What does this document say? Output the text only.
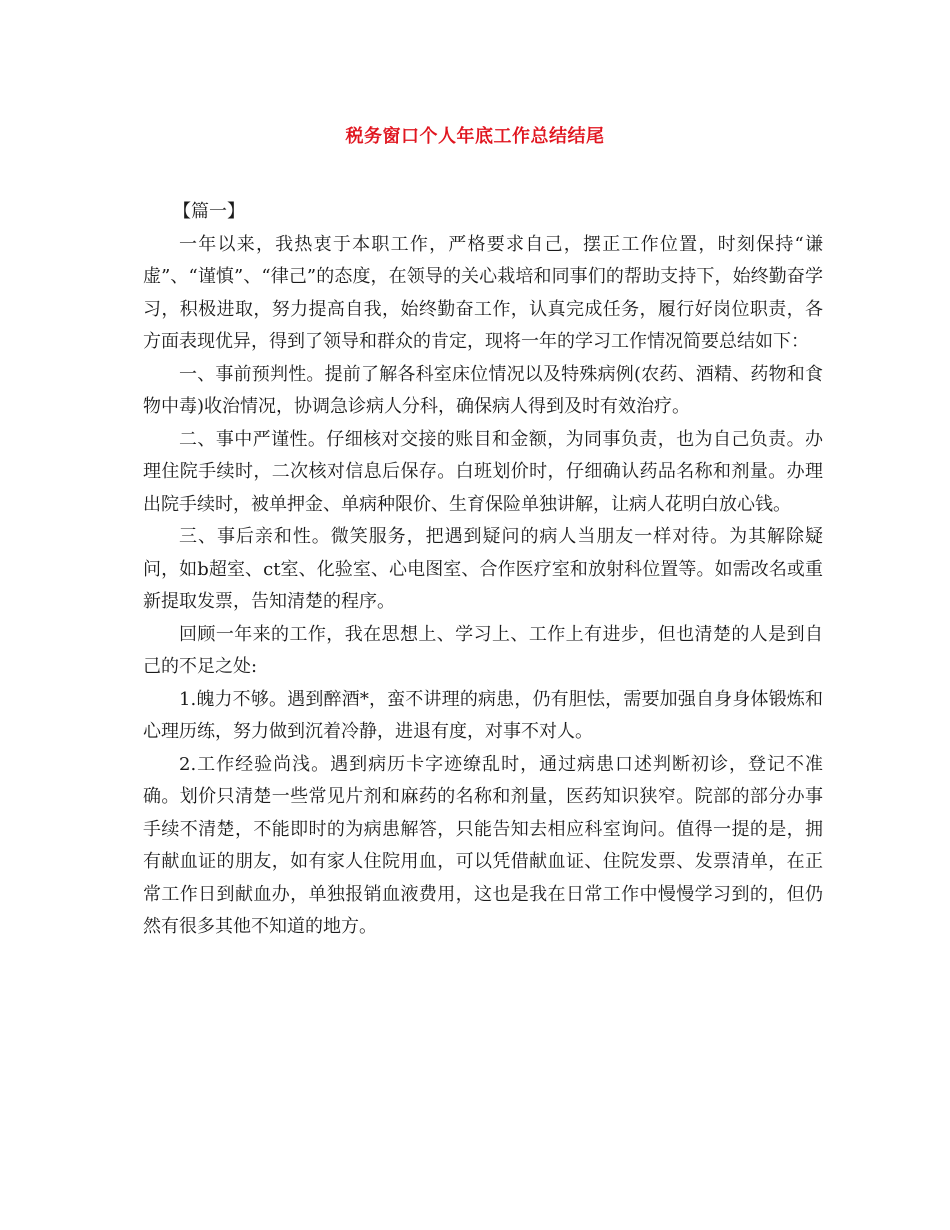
税务窗口个人年底工作总结结尾

【篇一】

一年以来，我热衷于本职工作，严格要求自己，摆正工作位置，时刻保持“谦虚”、“谨慎”、“律己”的态度，在领导的关心栽培和同事们的帮助支持下，始终勤奋学习，积极进取，努力提高自我，始终勤奋工作，认真完成任务，履行好岗位职责，各方面表现优异，得到了领导和群众的肯定，现将一年的学习工作情况简要总结如下：

一、事前预判性。提前了解各科室床位情况以及特殊病例(农药、酒精、药物和食物中毒)收治情况，协调急诊病人分科，确保病人得到及时有效治疗。

二、事中严谨性。仔细核对交接的账目和金额，为同事负责，也为自己负责。办理住院手续时，二次核对信息后保存。白班划价时，仔细确认药品名称和剂量。办理出院手续时，被单押金、单病种限价、生育保险单独讲解，让病人花明白放心钱。

三、事后亲和性。微笑服务，把遇到疑问的病人当朋友一样对待。为其解除疑问，如b超室、ct室、化验室、心电图室、合作医疗室和放射科位置等。如需改名或重新提取发票，告知清楚的程序。

回顾一年来的工作，我在思想上、学习上、工作上有进步，但也清楚的人是到自己的不足之处:

1.魄力不够。遇到醉酒*，蛮不讲理的病患，仍有胆怯，需要加强自身身体锻炼和心理历练，努力做到沉着冷静，进退有度，对事不对人。

2.工作经验尚浅。遇到病历卡字迹缭乱时，通过病患口述判断初诊，登记不准确。划价只清楚一些常见片剂和麻药的名称和剂量，医药知识狭窄。院部的部分办事手续不清楚，不能即时的为病患解答，只能告知去相应科室询问。值得一提的是，拥有献血证的朋友，如有家人住院用血，可以凭借献血证、住院发票、发票清单，在正常工作日到献血办，单独报销血液费用，这也是我在日常工作中慢慢学习到的，但仍然有很多其他不知道的地方。
